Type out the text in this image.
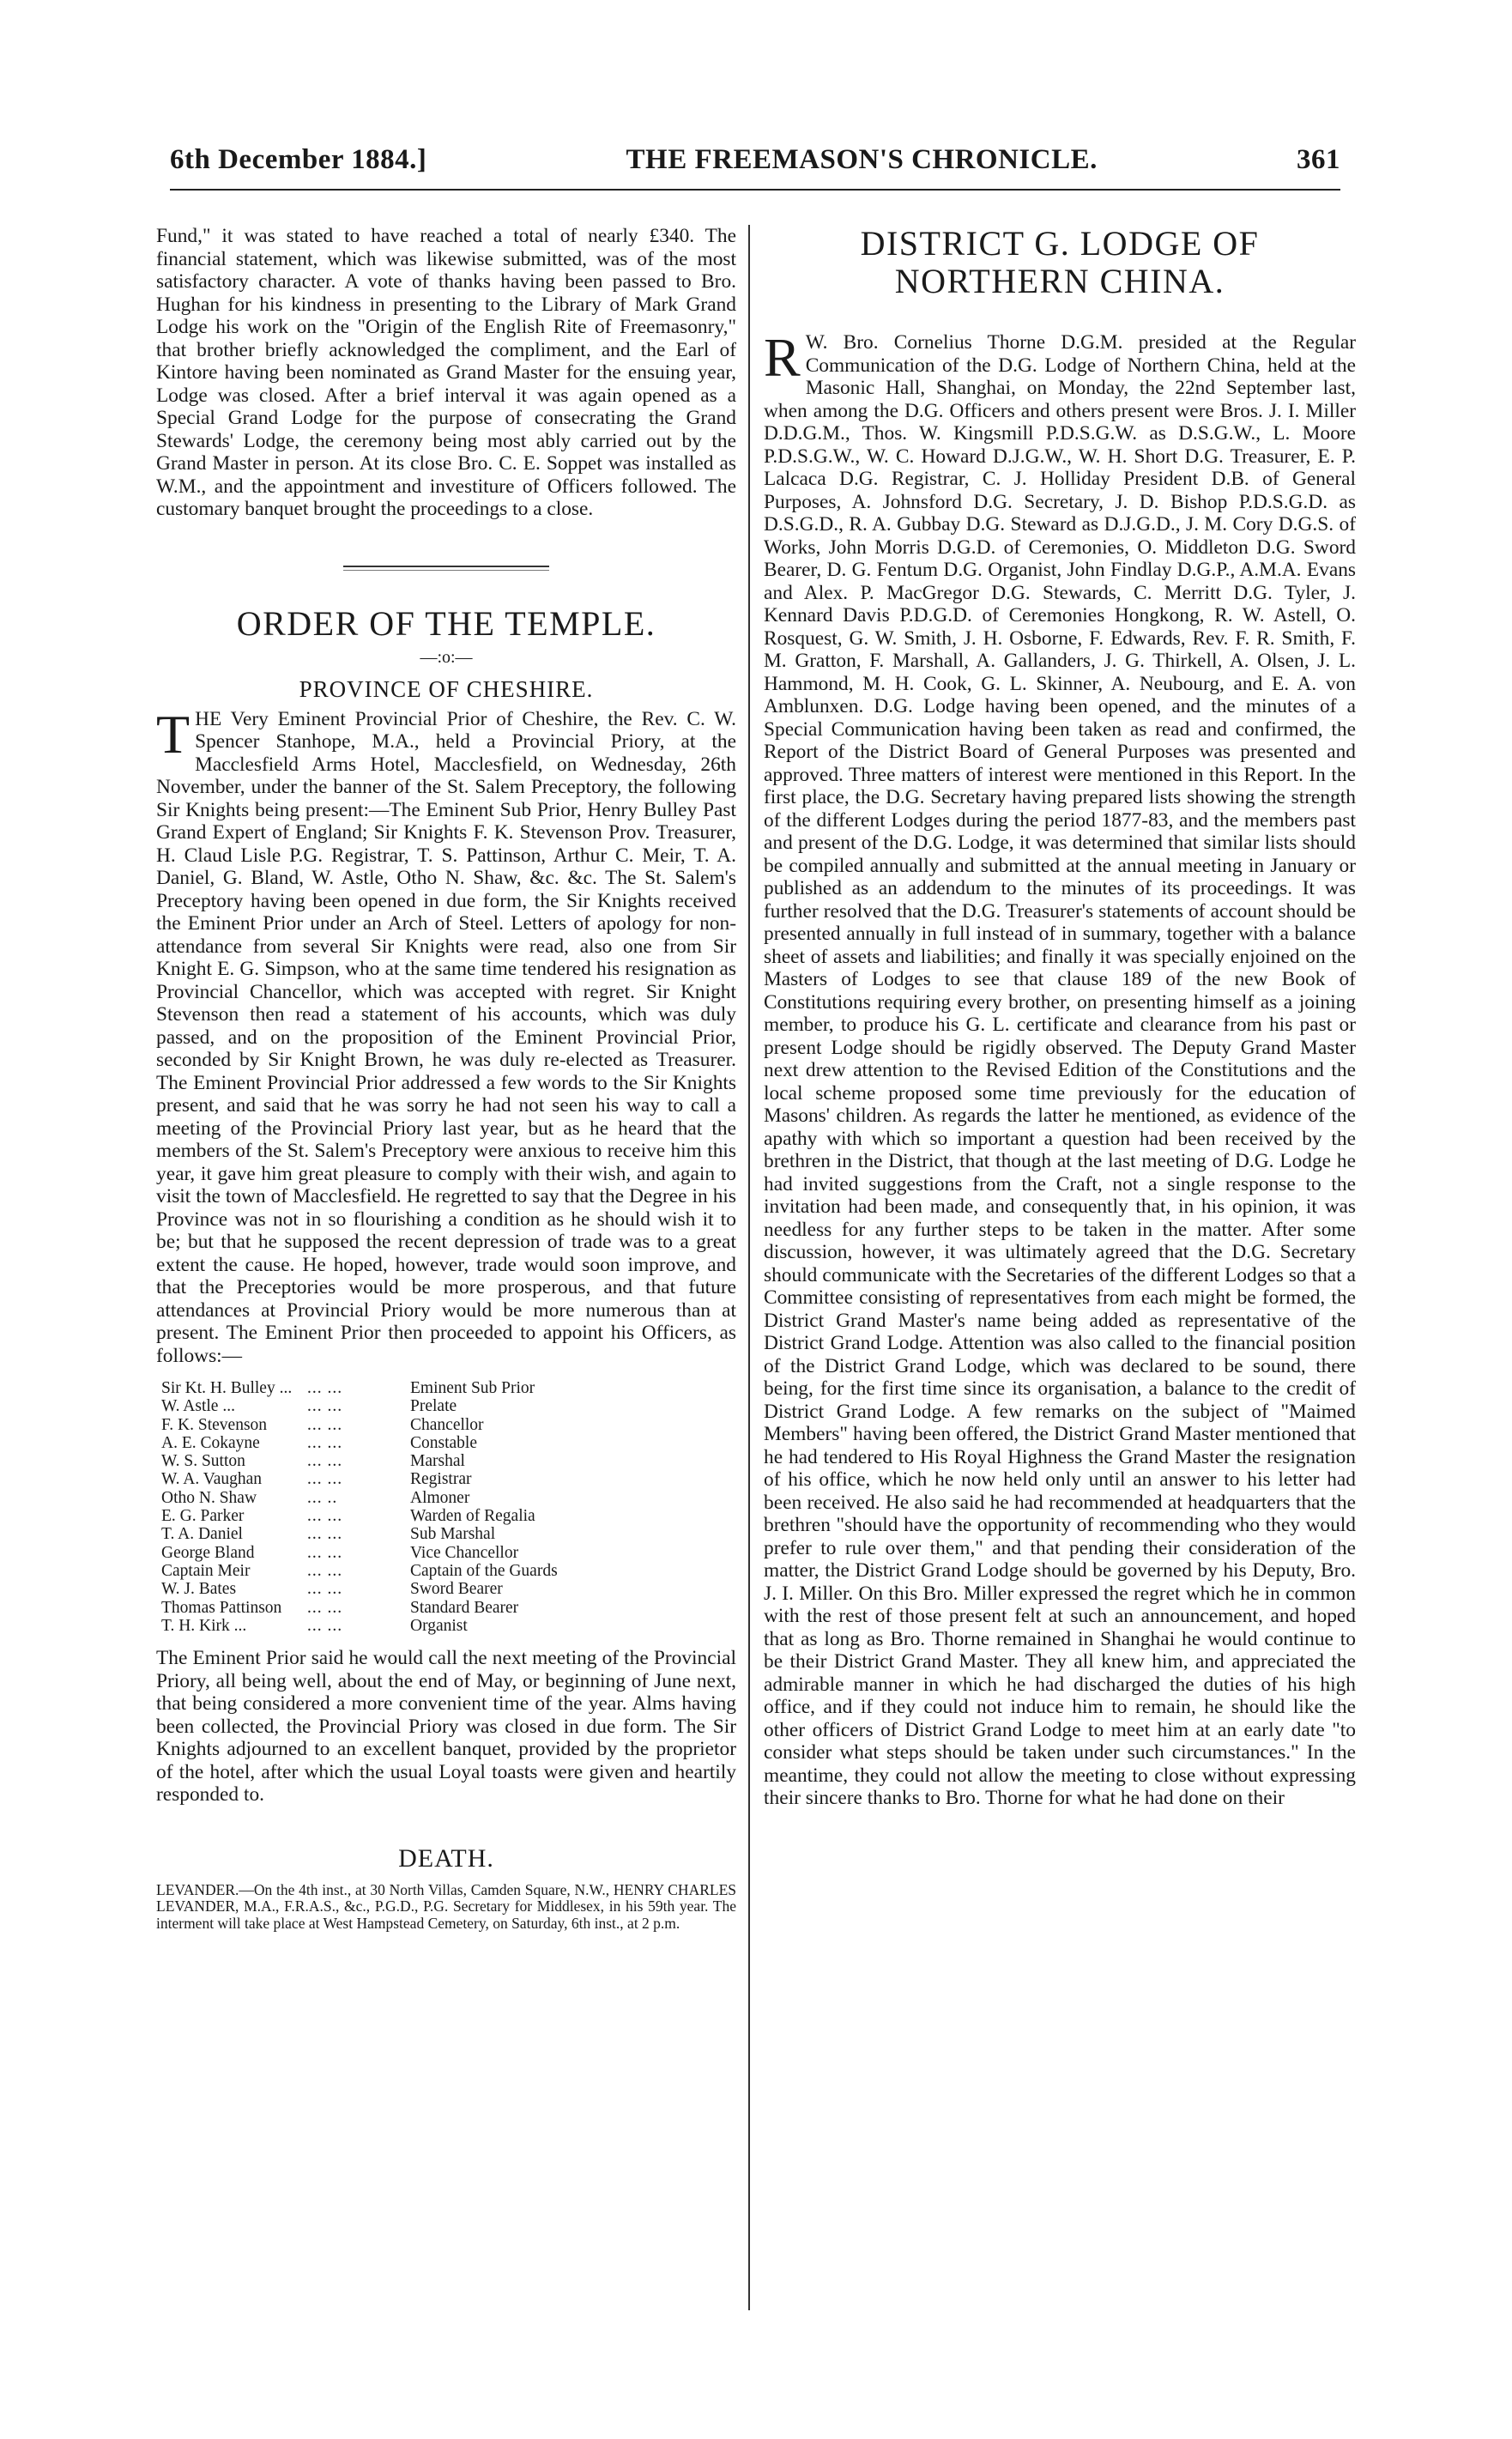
6th December 1884.]	THE FREEMASON'S CHRONICLE.	361

Fund," it was stated to have reached a total of nearly £340. The financial statement, which was likewise submitted, was of the most satisfactory character. A vote of thanks having been passed to Bro. Hughan for his kindness in presenting to the Library of Mark Grand Lodge his work on the "Origin of the English Rite of Freemasonry," that brother briefly acknowledged the compliment, and the Earl of Kintore having been nominated as Grand Master for the ensuing year, Lodge was closed. After a brief interval it was again opened as a Special Grand Lodge for the purpose of consecrating the Grand Stewards' Lodge, the ceremony being most ably carried out by the Grand Master in person. At its close Bro. C. E. Soppet was installed as W.M., and the appointment and investiture of Officers followed. The customary banquet brought the proceedings to a close.

ORDER OF THE TEMPLE.
—:o:—
PROVINCE OF CHESHIRE.
T HE Very Eminent Provincial Prior of Cheshire, the Rev. C. W. Spencer Stanhope, M.A., held a Provincial Priory, at the Macclesfield Arms Hotel, Macclesfield, on Wednesday, 26th November, under the banner of the St. Salem Preceptory, the following Sir Knights being present:—The Eminent Sub Prior, Henry Bulley Past Grand Expert of England; Sir Knights F. K. Stevenson Prov. Treasurer, H. Claud Lisle P.G. Registrar, T. S. Pattinson, Arthur C. Meir, T. A. Daniel, G. Bland, W. Astle, Otho N. Shaw, &c. &c. The St. Salem's Preceptory having been opened in due form, the Sir Knights received the Eminent Prior under an Arch of Steel. Letters of apology for non-attendance from several Sir Knights were read, also one from Sir Knight E. G. Simpson, who at the same time tendered his resignation as Provincial Chancellor, which was accepted with regret. Sir Knight Stevenson then read a statement of his accounts, which was duly passed, and on the proposition of the Eminent Provincial Prior, seconded by Sir Knight Brown, he was duly re-elected as Treasurer. The Eminent Provincial Prior addressed a few words to the Sir Knights present, and said that he was sorry he had not seen his way to call a meeting of the Provincial Priory last year, but as he heard that the members of the St. Salem's Preceptory were anxious to receive him this year, it gave him great pleasure to comply with their wish, and again to visit the town of Macclesfield. He regretted to say that the Degree in his Province was not in so flourishing a condition as he should wish it to be; but that he supposed the recent depression of trade was to a great extent the cause. He hoped, however, trade would soon improve, and that the Preceptories would be more prosperous, and that future attendances at Provincial Priory would be more numerous than at present. The Eminent Prior then proceeded to appoint his Officers, as follows:—

Sir Kt. H. Bulley ... ... ...	Eminent Sub Prior
W. Astle ...	... ...	Prelate
F. K. Stevenson	... ...	Chancellor
A. E. Cokayne	... ...	Constable
W. S. Sutton	... ...	Marshal
W. A. Vaughan	... ...	Registrar
Otho N. Shaw	... ..	Almoner
E. G. Parker	... ...	Warden of Regalia
T. A. Daniel	... ...	Sub Marshal
George Bland	... ...	Vice Chancellor
Captain Meir	... ...	Captain of the Guards
W. J. Bates	... ...	Sword Bearer
Thomas Pattinson	... ...	Standard Bearer
T. H. Kirk ...	... ...	Organist

The Eminent Prior said he would call the next meeting of the Provincial Priory, all being well, about the end of May, or beginning of June next, that being considered a more convenient time of the year. Alms having been collected, the Provincial Priory was closed in due form. The Sir Knights adjourned to an excellent banquet, provided by the proprietor of the hotel, after which the usual Loyal toasts were given and heartily responded to.

DEATH.
LEVANDER.—On the 4th inst., at 30 North Villas, Camden Square, N.W., HENRY CHARLES LEVANDER, M.A., F.R.A.S., &c., P.G.D., P.G. Secretary for Middlesex, in his 59th year. The interment will take place at West Hampstead Cemetery, on Saturday, 6th inst., at 2 p.m.
DISTRICT G. LODGE OF NORTHERN CHINA.
R W. Bro. Cornelius Thorne D.G.M. presided at the Regular Communication of the D.G. Lodge of Northern China, held at the Masonic Hall, Shanghai, on Monday, the 22nd September last, when among the D.G. Officers and others present were Bros. J. I. Miller D.D.G.M., Thos. W. Kingsmill P.D.S.G.W. as D.S.G.W., L. Moore P.D.S.G.W., W. C. Howard D.J.G.W., W. H. Short D.G. Treasurer, E. P. Lalcaca D.G. Registrar, C. J. Holliday President D.B. of General Purposes, A. Johnsford D.G. Secretary, J. D. Bishop P.D.S.G.D. as D.S.G.D., R. A. Gubbay D.G. Steward as D.J.G.D., J. M. Cory D.G.S. of Works, John Morris D.G.D. of Ceremonies, O. Middleton D.G. Sword Bearer, D. G. Fentum D.G. Organist, John Findlay D.G.P., A.M.A. Evans and Alex. P. MacGregor D.G. Stewards, C. Merritt D.G. Tyler, J. Kennard Davis P.D.G.D. of Ceremonies Hongkong, R. W. Astell, O. Rosquest, G. W. Smith, J. H. Osborne, F. Edwards, Rev. F. R. Smith, F. M. Gratton, F. Marshall, A. Gallanders, J. G. Thirkell, A. Olsen, J. L. Hammond, M. H. Cook, G. L. Skinner, A. Neubourg, and E. A. von Amblunxen. D.G. Lodge having been opened, and the minutes of a Special Communication having been taken as read and confirmed, the Report of the District Board of General Purposes was presented and approved. Three matters of interest were mentioned in this Report. In the first place, the D.G. Secretary having prepared lists showing the strength of the different Lodges during the period 1877-83, and the members past and present of the D.G. Lodge, it was determined that similar lists should be compiled annually and submitted at the annual meeting in January or published as an addendum to the minutes of its proceedings. It was further resolved that the D.G. Treasurer's statements of account should be presented annually in full instead of in summary, together with a balance sheet of assets and liabilities; and finally it was specially enjoined on the Masters of Lodges to see that clause 189 of the new Book of Constitutions requiring every brother, on presenting himself as a joining member, to produce his G. L. certificate and clearance from his past or present Lodge should be rigidly observed. The Deputy Grand Master next drew attention to the Revised Edition of the Constitutions and the local scheme proposed some time previously for the education of Masons' children. As regards the latter he mentioned, as evidence of the apathy with which so important a question had been received by the brethren in the District, that though at the last meeting of D.G. Lodge he had invited suggestions from the Craft, not a single response to the invitation had been made, and consequently that, in his opinion, it was needless for any further steps to be taken in the matter. After some discussion, however, it was ultimately agreed that the D.G. Secretary should communicate with the Secretaries of the different Lodges so that a Committee consisting of representatives from each might be formed, the District Grand Master's name being added as representative of the District Grand Lodge. Attention was also called to the financial position of the District Grand Lodge, which was declared to be sound, there being, for the first time since its organisation, a balance to the credit of District Grand Lodge. A few remarks on the subject of "Maimed Members" having been offered, the District Grand Master mentioned that he had tendered to His Royal Highness the Grand Master the resignation of his office, which he now held only until an answer to his letter had been received. He also said he had recommended at headquarters that the brethren "should have the opportunity of recommending who they would prefer to rule over them," and that pending their consideration of the matter, the District Grand Lodge should be governed by his Deputy, Bro. J. I. Miller. On this Bro. Miller expressed the regret which he in common with the rest of those present felt at such an announcement, and hoped that as long as Bro. Thorne remained in Shanghai he would continue to be their District Grand Master. They all knew him, and appreciated the admirable manner in which he had discharged the duties of his high office, and if they could not induce him to remain, he should like the other officers of District Grand Lodge to meet him at an early date "to consider what steps should be taken under such circumstances." In the meantime, they could not allow the meeting to close without expressing their sincere thanks to Bro. Thorne for what he had done on their
